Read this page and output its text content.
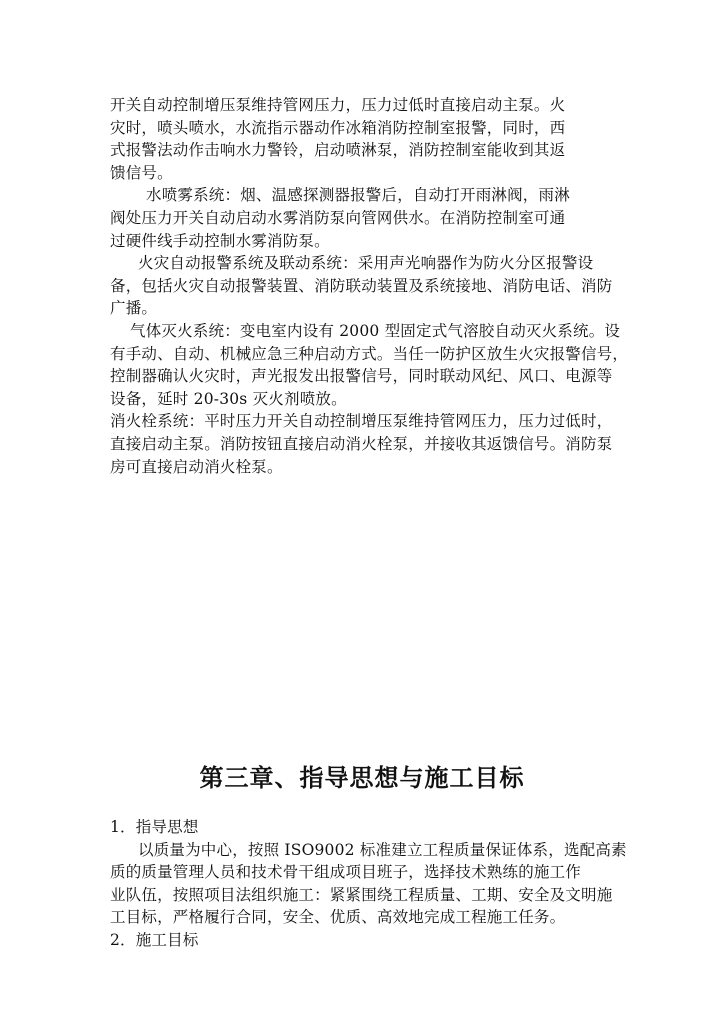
开关自动控制增压泵维持管网压力，压力过低时直接启动主泵。火
灾时，喷头喷水，水流指示器动作冰箱消防控制室报警，同时，西
式报警法动作击响水力警铃，启动喷淋泵，消防控制室能收到其返
馈信号。
水喷雾系统：烟、温感探测器报警后，自动打开雨淋阀，雨淋
阀处压力开关自动启动水雾消防泵向管网供水。在消防控制室可通
过硬件线手动控制水雾消防泵。
火灾自动报警系统及联动系统：采用声光响器作为防火分区报警设
备，包括火灾自动报警装置、消防联动装置及系统接地、消防电话、消防
广播。
气体灭火系统：变电室内设有 2000 型固定式气溶胶自动灭火系统。设
有手动、自动、机械应急三种启动方式。当任一防护区放生火灾报警信号，
控制器确认火灾时，声光报发出报警信号，同时联动风纪、风口、电源等
设备，延时 20-30s 灭火剂喷放。
消火栓系统：平时压力开关自动控制增压泵维持管网压力，压力过低时，
直接启动主泵。消防按钮直接启动消火栓泵，并接收其返馈信号。消防泵
房可直接启动消火栓泵。
第三章、指导思想与施工目标
1．指导思想
以质量为中心，按照 ISO9002 标准建立工程质量保证体系，选配高素
质的质量管理人员和技术骨干组成项目班子，选择技术熟练的施工作
业队伍，按照项目法组织施工：紧紧围绕工程质量、工期、安全及文明施
工目标，严格履行合同，安全、优质、高效地完成工程施工任务。
2．施工目标
